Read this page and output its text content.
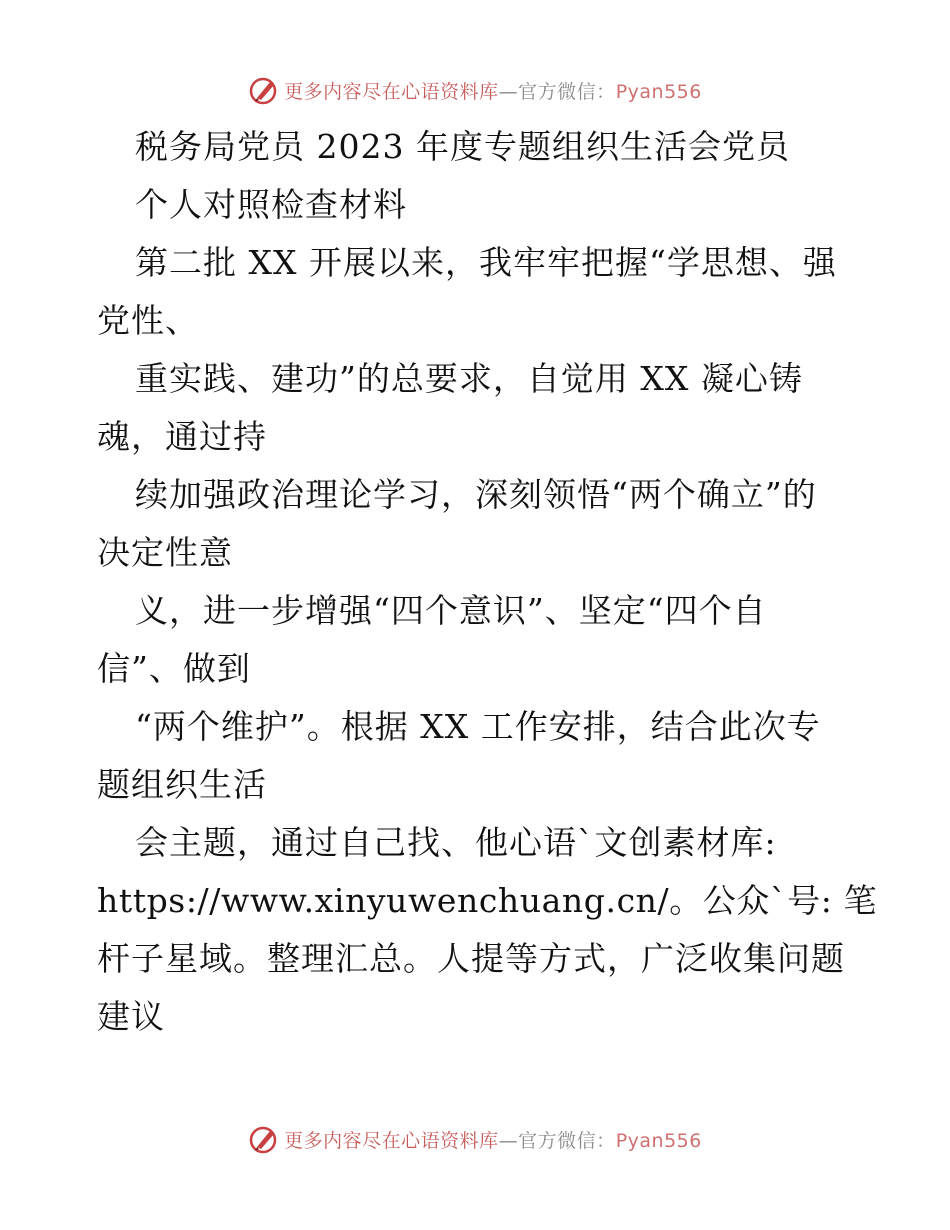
更多内容尽在心语资料库—官方微信：Pyan556
税务局党员 2023 年度专题组织生活会党员
个人对照检查材料
第二批 XX 开展以来，我牢牢把握“学思想、强
党性、
重实践、建功”的总要求，自觉用 XX 凝心铸
魂，通过持
续加强政治理论学习，深刻领悟“两个确立”的
决定性意
义，进一步增强“四个意识”、坚定“四个自
信”、做到
“两个维护”。根据 XX 工作安排，结合此次专
题组织生活
会主题，通过自己找、他心语`文创素材库:
https://www.xinyuwenchuang.cn/。公众`号: 笔
杆子星域。整理汇总。人提等方式，广泛收集问题
建议
更多内容尽在心语资料库—官方微信：Pyan556
